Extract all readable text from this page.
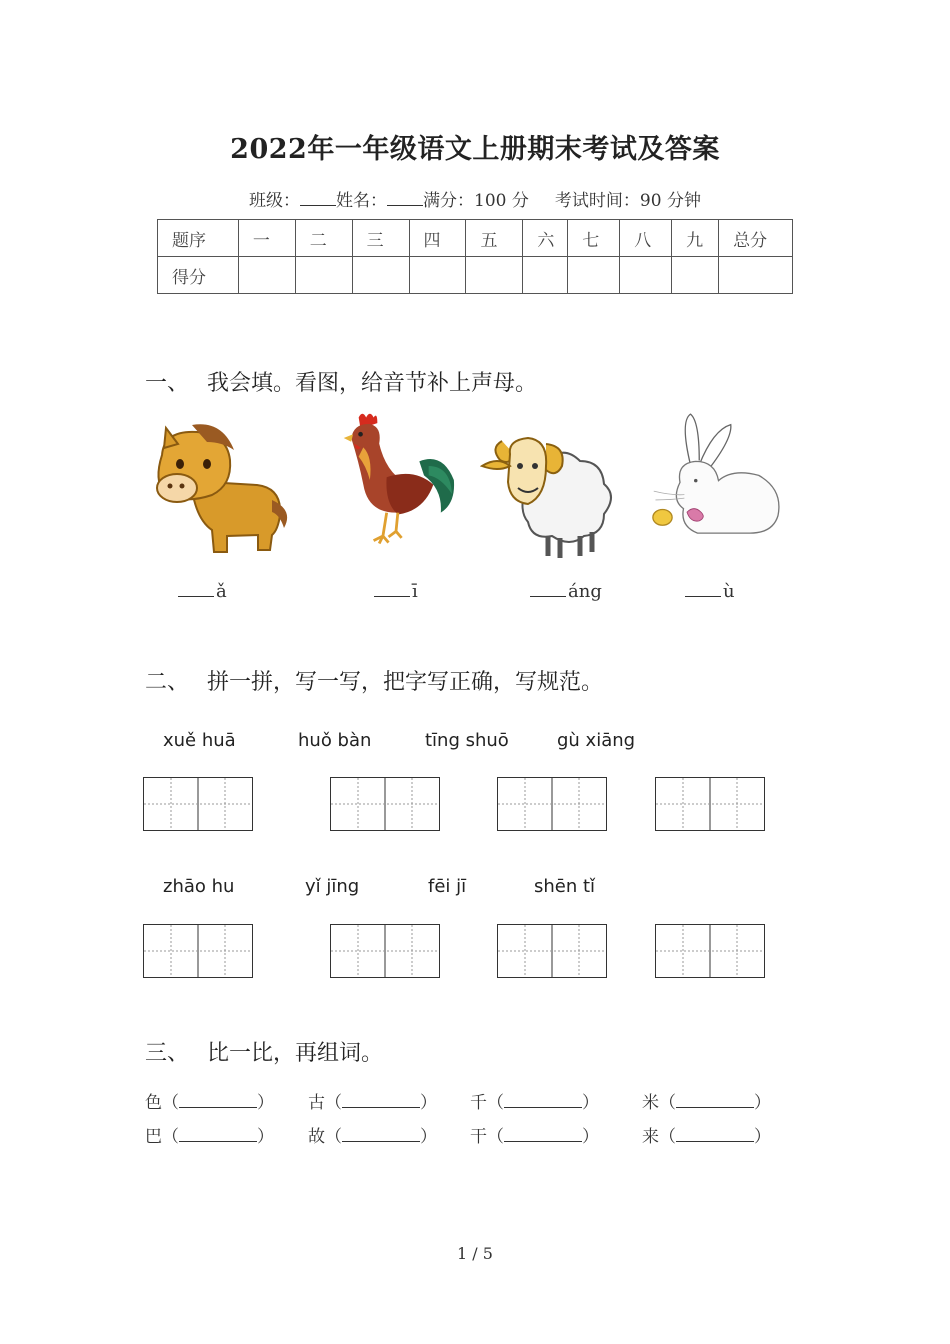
2022年一年级语文上册期末考试及答案
班级： 姓名： 满分：100 分 考试时间：90 分钟
题序	一	二	三	四	五	六	七	八	九	总分
得分										
一、 我会填。看图，给音节补上声母。
ǎ	ī	áng	ù
二、 拼一拼，写一写，把字写正确，写规范。
xuě huā	huǒ bàn	tīng shuō	gù xiāng
zhāo hu	yǐ jīng	fēi jī	shēn tǐ
三、 比一比，再组词。
色（	） 古（	） 千（	）	米（	）
巴（	） 故（	） 干（	）	来（	）
1 / 5
